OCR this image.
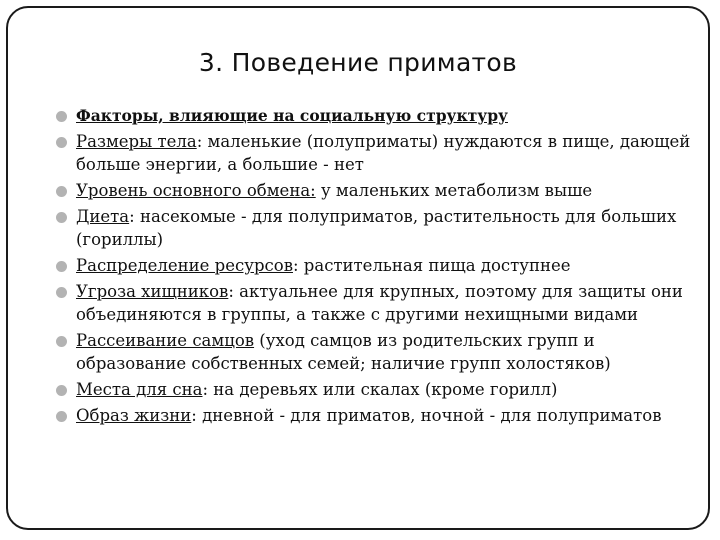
3. Поведение приматов
Факторы, влияющие на социальную структуру
Размеры тела: маленькие (полуприматы) нуждаются в пище, дающей больше энергии, а большие - нет
Уровень основного обмена: у маленьких метаболизм выше
Диета: насекомые - для полуприматов, растительность для больших (гориллы)
Распределение ресурсов: растительная пища доступнее
Угроза хищников: актуальнее для крупных, поэтому для защиты они объединяются в группы, а также с другими нехищными видами
Рассеивание самцов (уход самцов из родительских групп и образование собственных семей; наличие групп холостяков)
Места для сна: на деревьях или скалах (кроме горилл)
Образ жизни: дневной - для приматов, ночной - для полуприматов
